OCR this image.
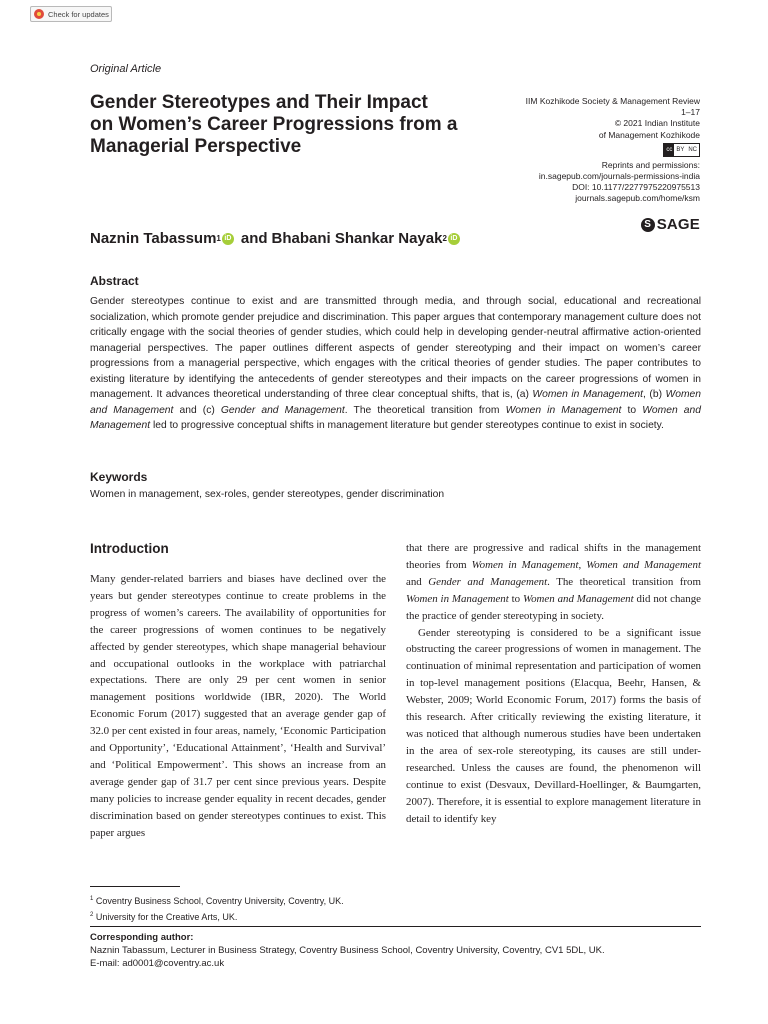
Check for updates
Original Article
Gender Stereotypes and Their Impact
on Women’s Career Progressions from a
Managerial Perspective
IIM Kozhikode Society & Management Review
1–17
© 2021 Indian Institute
of Management Kozhikode
cc BY NC
Reprints and permissions:
in.sagepub.com/journals-permissions-india
DOI: 10.1177/2277975220975513
journals.sagepub.com/home/ksm
S SAGE
Naznin Tabassum 1 iD and Bhabani Shankar Nayak 2 iD
Abstract
Gender stereotypes continue to exist and are transmitted through media, and through social, educational and recreational socialization, which promote gender prejudice and discrimination. This paper argues that contemporary management culture does not critically engage with the social theories of gender studies, which could help in developing gender-neutral affirmative action-oriented managerial perspectives. The paper outlines different aspects of gender stereotyping and their impact on women’s career progressions from a managerial perspective, which engages with the critical theories of gender studies. The paper contributes to existing literature by identifying the antecedents of gender stereotypes and their impacts on the career progressions of women in management. It advances theoretical understanding of three clear conceptual shifts, that is, (a) Women in Management, (b) Women and Management and (c) Gender and Management. The theoretical transition from Women in Management to Women and Management led to progressive conceptual shifts in management literature but gender stereotypes continue to exist in society.
Keywords
Women in management, sex-roles, gender stereotypes, gender discrimination
Introduction

Many gender-related barriers and biases have declined over the years but gender stereotypes continue to create problems in the progress of women’s careers. The availability of opportunities for the career progressions of women continues to be negatively affected by gender stereotypes, which shape managerial behaviour and occupational outlooks in the workplace with patriarchal expectations. There are only 29 per cent women in senior management positions worldwide (IBR, 2020). The World Economic Forum (2017) suggested that an average gender gap of 32.0 per cent existed in four areas, namely, ‘Economic Participation and Opportunity’, ‘Educational Attainment’, ‘Health and Survival’ and ‘Political Empowerment’. This shows an increase from an average gender gap of 31.7 per cent since previous years. Despite many policies to increase gender equality in recent decades, gender discrimination based on gender stereotypes continues to exist. This paper argues

that there are progressive and radical shifts in the management theories from Women in Management, Women and Management and Gender and Management. The theoretical transition from Women in Management to Women and Management did not change the practice of gender stereotyping in society.

Gender stereotyping is considered to be a significant issue obstructing the career progressions of women in management. The continuation of minimal representation and participation of women in top-level management positions (Elacqua, Beehr, Hansen, & Webster, 2009; World Economic Forum, 2017) forms the basis of this research. After critically reviewing the existing literature, it was noticed that although numerous studies have been undertaken in the area of sex-role stereotyping, its causes are still under-researched. Unless the causes are found, the phenomenon will continue to exist (Desvaux, Devillard-Hoellinger, & Baumgarten, 2007). Therefore, it is essential to explore management literature in detail to identify key

$^1$ Coventry Business School, Coventry University, Coventry, UK.
$^2$ University for the Creative Arts, UK.
Corresponding author:
Naznin Tabassum, Lecturer in Business Strategy, Coventry Business School, Coventry University, Coventry, CV1 5DL, UK.
E-mail: ad0001@coventry.ac.uk
